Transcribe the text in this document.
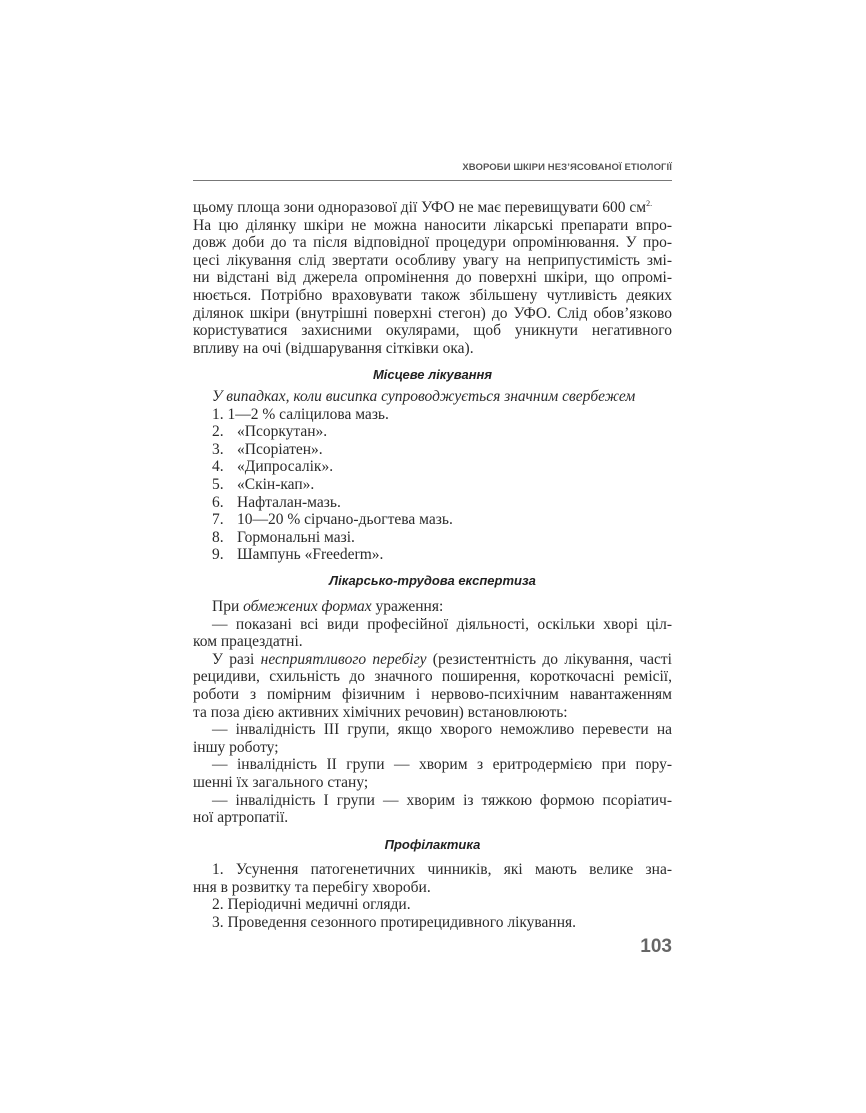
ХВОРОБИ ШКІРИ НЕЗ’ЯСОВАНОЇ ЕТІОЛОГІЇ
цьому площа зони одноразової дії УФО не має перевищувати 600 $см^{2.}$
На цю ділянку шкіри не можна наносити лікарські препарати впро-
довж доби до та після відповідної процедури опромінювання. У про-
цесі лікування слід звертати особливу увагу на неприпустимість змі-
ни відстані від джерела опромінення до поверхні шкіри, що опромі-
нюється. Потрібно враховувати також збільшену чутливість деяких
ділянок шкіри (внутрішні поверхні стегон) до УФО. Слід обов’язково
користуватися захисними окулярами, щоб уникнути негативного
впливу на очі (відшарування сітківки ока).
Місцеве лікування
У випадках, коли висипка супроводжується значним свербежем
1. 1—2 % саліцилова мазь.
2. «Псоркутан».
3. «Псоріатен».
4. «Дипросалік».
5. «Скін-кап».
6. Нафталан-мазь.
7. 10—20 % сірчано-дьогтева мазь.
8. Гормональні мазі.
9. Шампунь «Freederm».
Лікарсько-трудова експертиза
При обмежених формах ураження:
— показані всі види професійної діяльності, оскільки хворі ціл-
ком працездатні.
У разі несприятливого перебігу (резистентність до лікування, часті
рецидиви, схильність до значного поширення, короткочасні ремісії,
роботи з помірним фізичним і нервово-психічним навантаженням
та поза дією активних хімічних речовин) встановлюють:
— інвалідність III групи, якщо хворого неможливо перевести на
іншу роботу;
— інвалідність II групи — хворим з еритродермією при пору-
шенні їх загального стану;
— інвалідність I групи — хворим із тяжкою формою псоріатич-
ної артропатії.
Профілактика
1. Усунення патогенетичних чинників, які мають велике зна-
ння в розвитку та перебігу хвороби.
2. Періодичні медичні огляди.
3. Проведення сезонного протирецидивного лікування.
103
